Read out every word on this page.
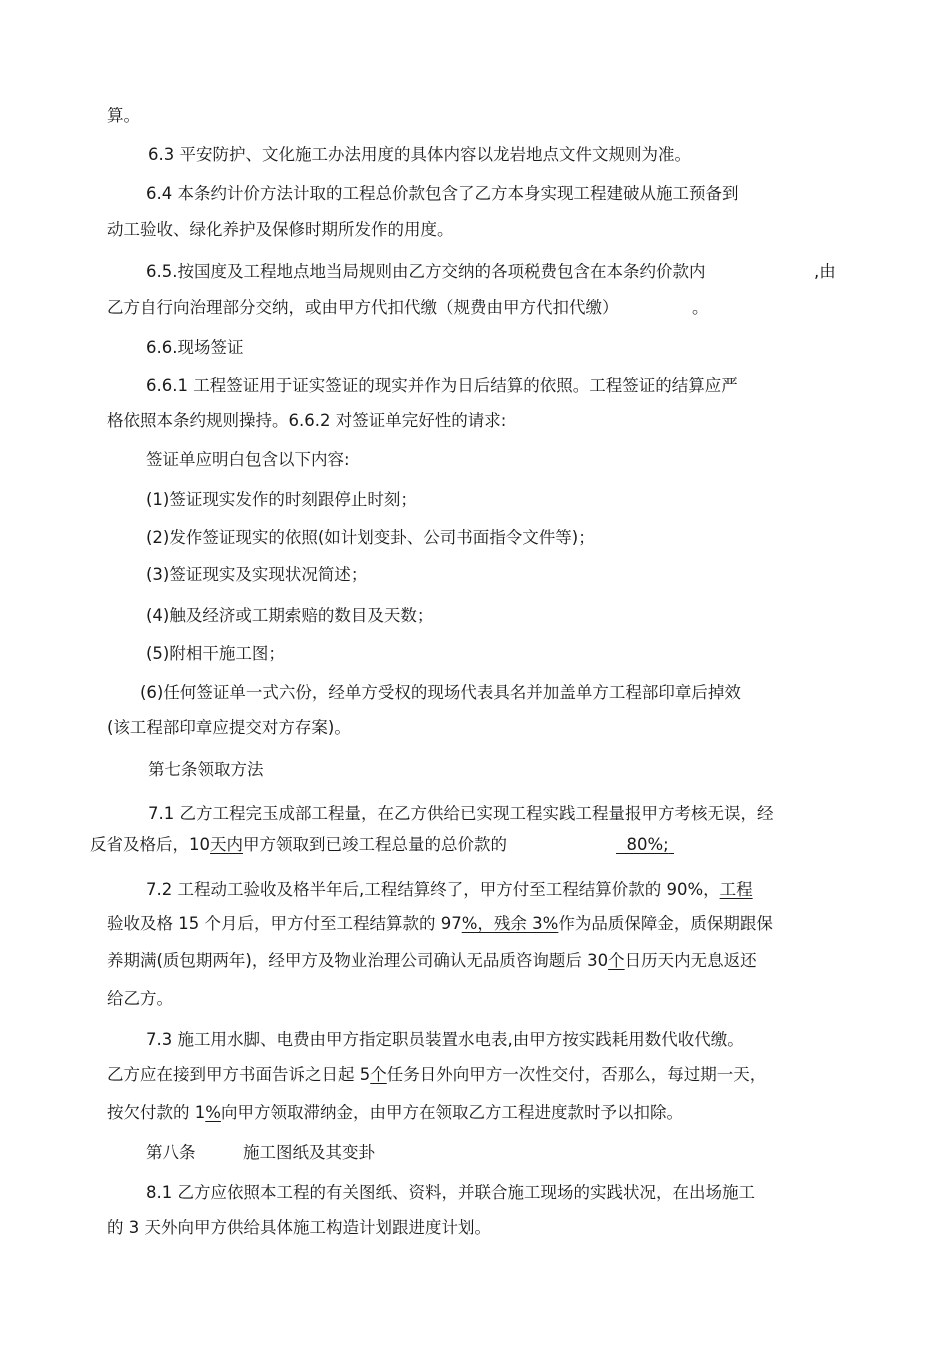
算。
6.3 平安防护、文化施工办法用度的具体内容以龙岩地点文件文规则为准。
6.4 本条约计价方法计取的工程总价款包含了乙方本身实现工程建破从施工预备到
动工验收、绿化养护及保修时期所发作的用度。
6.5.按国度及工程地点地当局规则由乙方交纳的各项税费包含在本条约价款内	,由
乙方自行向治理部分交纳，或由甲方代扣代缴（规费由甲方代扣代缴）	。
6.6.现场签证
6.6.1 工程签证用于证实签证的现实并作为日后结算的依照。工程签证的结算应严
格依照本条约规则操持。6.6.2 对签证单完好性的请求:
签证单应明白包含以下内容:
(1)签证现实发作的时刻跟停止时刻；
(2)发作签证现实的依照(如计划变卦、公司书面指令文件等)；
(3)签证现实及实现状况简述；
(4)触及经济或工期索赔的数目及天数；
(5)附相干施工图；
(6)任何签证单一式六份，经单方受权的现场代表具名并加盖单方工程部印章后掉效
(该工程部印章应提交对方存案)。
第七条领取方法
7.1 乙方工程完玉成部工程量，在乙方供给已实现工程实践工程量报甲方考核无误，经
反省及格后，10天内甲方领取到已竣工程总量的总价款的	80%;
7.2 工程动工验收及格半年后,工程结算终了，甲方付至工程结算价款的 90%，工程
验收及格 15 个月后，甲方付至工程结算款的 97%，残余 3%作为品质保障金，质保期跟保
养期满(质包期两年)，经甲方及物业治理公司确认无品质咨询题后 30个日历天内无息返还
给乙方。
7.3 施工用水脚、电费由甲方指定职员装置水电表,由甲方按实践耗用数代收代缴。
乙方应在接到甲方书面告诉之日起 5个任务日外向甲方一次性交付，否那么，每过期一天，
按欠付款的 1%向甲方领取滞纳金，由甲方在领取乙方工程进度款时予以扣除。
第八条	施工图纸及其变卦
8.1 乙方应依照本工程的有关图纸、资料，并联合施工现场的实践状况，在出场施工
的 3 天外向甲方供给具体施工构造计划跟进度计划。
